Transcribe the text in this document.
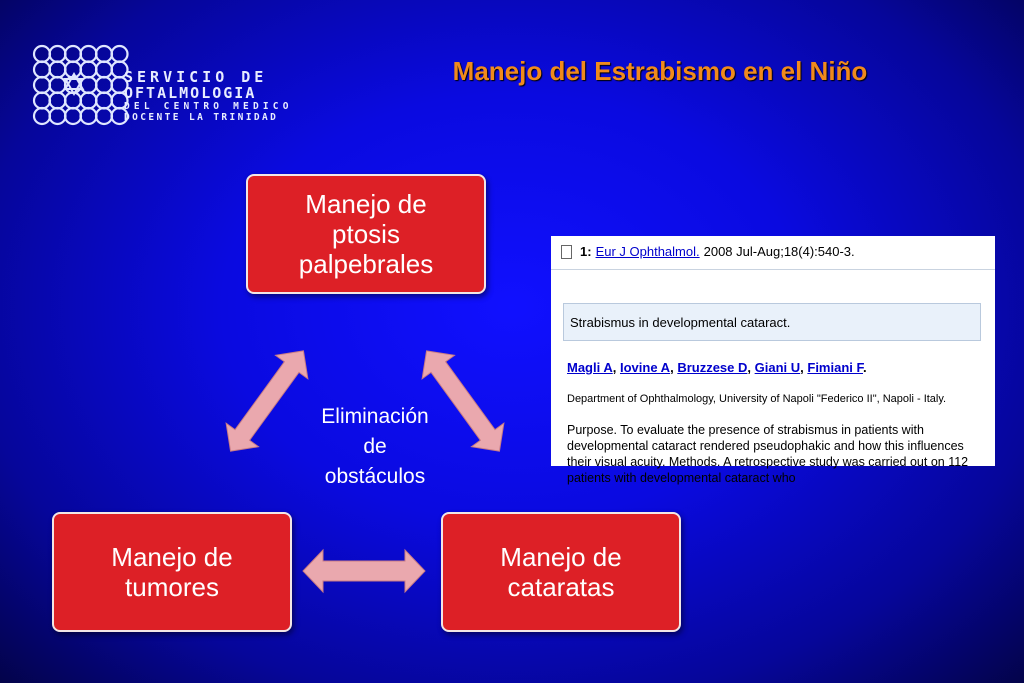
SERVICIO DE
OFTALMOLOGIA
DEL CENTRO MEDICO
DOCENTE LA TRINIDAD
Manejo del Estrabismo en el Niño
Manejo de
ptosis
palpebrales
Manejo de
tumores
Manejo de
cataratas
Eliminación
de
obstáculos
1: Eur J Ophthalmol. 2008 Jul-Aug;18(4):540-3.
Strabismus in developmental cataract.
Magli A, Iovine A, Bruzzese D, Giani U, Fimiani F.
Department of Ophthalmology, University of Napoli "Federico II", Napoli - Italy.
Purpose. To evaluate the presence of strabismus in patients with developmental cataract rendered pseudophakic and how this influences their visual acuity. Methods. A retrospective study was carried out on 112 patients with developmental cataract who
